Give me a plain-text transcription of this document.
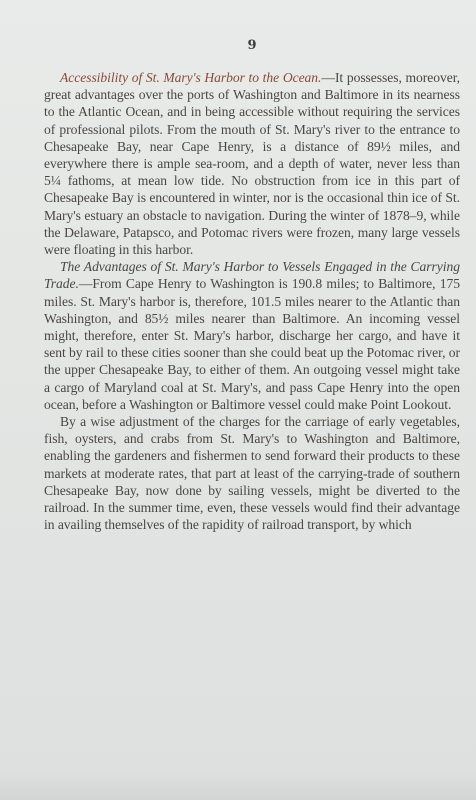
9

Accessibility of St. Mary's Harbor to the Ocean.—It possesses, moreover, great advantages over the ports of Washington and Baltimore in its nearness to the Atlantic Ocean, and in being accessible without requiring the services of professional pilots. From the mouth of St. Mary's river to the entrance to Chesapeake Bay, near Cape Henry, is a distance of 89½ miles, and everywhere there is ample sea-room, and a depth of water, never less than 5¼ fathoms, at mean low tide. No obstruction from ice in this part of Chesapeake Bay is encountered in winter, nor is the occasional thin ice of St. Mary's estuary an obstacle to navigation. During the winter of 1878–9, while the Delaware, Patapsco, and Potomac rivers were frozen, many large vessels were floating in this harbor.

The Advantages of St. Mary's Harbor to Vessels Engaged in the Carrying Trade.—From Cape Henry to Washington is 190.8 miles; to Baltimore, 175 miles. St. Mary's harbor is, therefore, 101.5 miles nearer to the Atlantic than Washington, and 85½ miles nearer than Baltimore. An incoming vessel might, therefore, enter St. Mary's harbor, discharge her cargo, and have it sent by rail to these cities sooner than she could beat up the Potomac river, or the upper Chesapeake Bay, to either of them. An outgoing vessel might take a cargo of Maryland coal at St. Mary's, and pass Cape Henry into the open ocean, before a Washington or Baltimore vessel could make Point Lookout.

By a wise adjustment of the charges for the carriage of early vegetables, fish, oysters, and crabs from St. Mary's to Washington and Baltimore, enabling the gardeners and fishermen to send forward their products to these markets at moderate rates, that part at least of the carrying-trade of southern Chesapeake Bay, now done by sailing vessels, might be diverted to the railroad. In the summer time, even, these vessels would find their advantage in availing themselves of the rapidity of railroad transport, by which
